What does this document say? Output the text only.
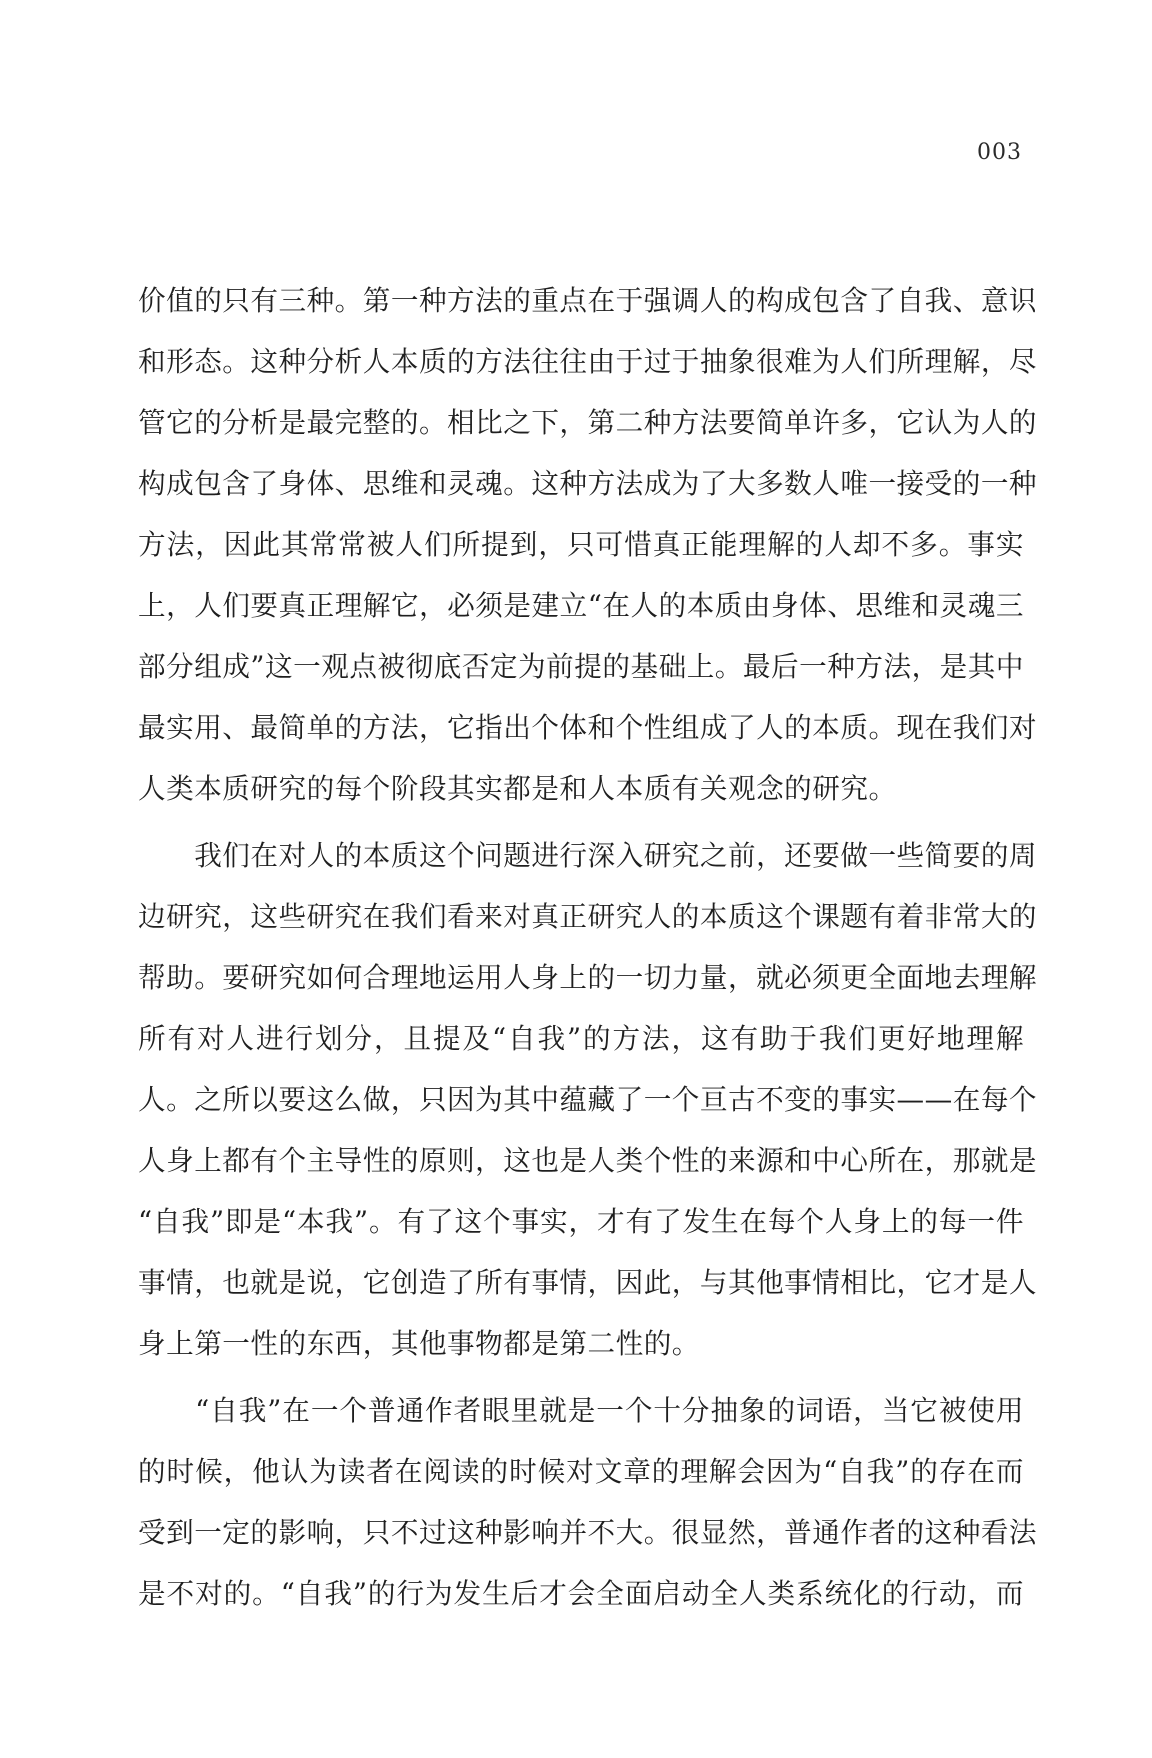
003
价值的只有三种。第一种方法的重点在于强调人的构成包含了自我、意识
和形态。这种分析人本质的方法往往由于过于抽象很难为人们所理解，尽
管它的分析是最完整的。相比之下，第二种方法要简单许多，它认为人的
构成包含了身体、思维和灵魂。这种方法成为了大多数人唯一接受的一种
方法，因此其常常被人们所提到，只可惜真正能理解的人却不多。事实
上，人们要真正理解它，必须是建立“在人的本质由身体、思维和灵魂三
部分组成”这一观点被彻底否定为前提的基础上。最后一种方法，是其中
最实用、最简单的方法，它指出个体和个性组成了人的本质。现在我们对
人类本质研究的每个阶段其实都是和人本质有关观念的研究。
　　我们在对人的本质这个问题进行深入研究之前，还要做一些简要的周
边研究，这些研究在我们看来对真正研究人的本质这个课题有着非常大的
帮助。要研究如何合理地运用人身上的一切力量，就必须更全面地去理解
所有对人进行划分，且提及“自我”的方法，这有助于我们更好地理解
人。之所以要这么做，只因为其中蕴藏了一个亘古不变的事实——在每个
人身上都有个主导性的原则，这也是人类个性的来源和中心所在，那就是
“自我”即是“本我”。有了这个事实，才有了发生在每个人身上的每一件
事情，也就是说，它创造了所有事情，因此，与其他事情相比，它才是人
身上第一性的东西，其他事物都是第二性的。
　　“自我”在一个普通作者眼里就是一个十分抽象的词语，当它被使用
的时候，他认为读者在阅读的时候对文章的理解会因为“自我”的存在而
受到一定的影响，只不过这种影响并不大。很显然，普通作者的这种看法
是不对的。“自我”的行为发生后才会全面启动全人类系统化的行动，而
